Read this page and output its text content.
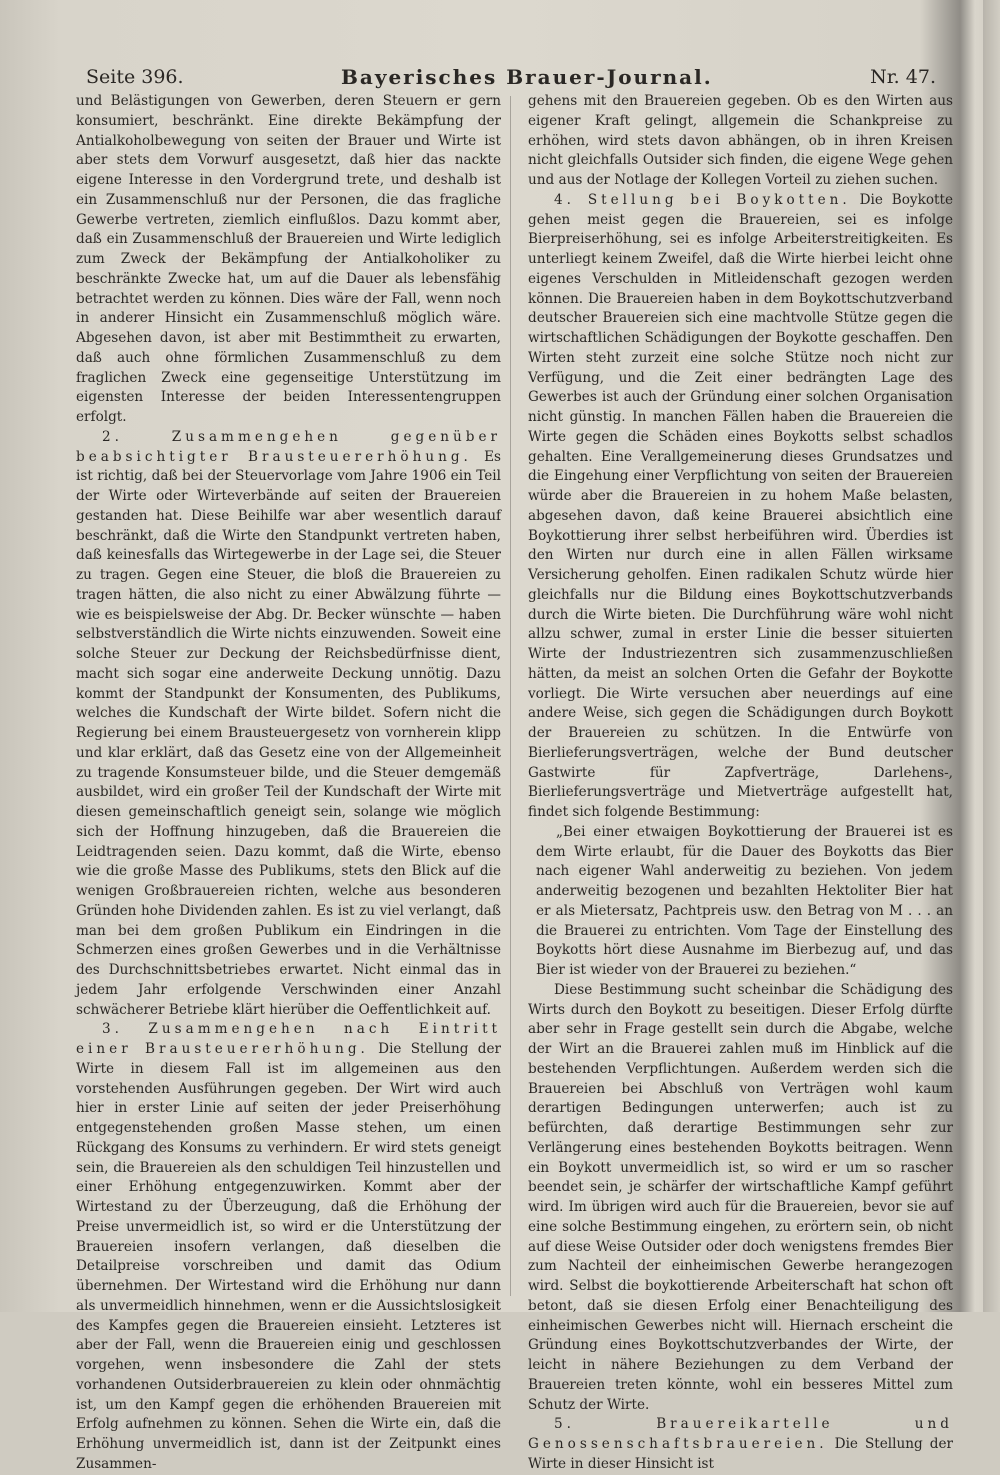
Seite 396.	Bayerisches Brauer-Journal.	Nr. 47.

und Belästigungen von Gewerben, deren Steuern er gern konsumiert, beschränkt. Eine direkte Bekämpfung der Antialkoholbewegung von seiten der Brauer und Wirte ist aber stets dem Vorwurf ausgesetzt, daß hier das nackte eigene Interesse in den Vordergrund trete, und deshalb ist ein Zusammenschluß nur der Personen, die das fragliche Gewerbe vertreten, ziemlich einflußlos. Dazu kommt aber, daß ein Zusammenschluß der Brauereien und Wirte lediglich zum Zweck der Bekämpfung der Antialkoholiker zu beschränkte Zwecke hat, um auf die Dauer als lebensfähig betrachtet werden zu können. Dies wäre der Fall, wenn noch in anderer Hinsicht ein Zusammenschluß möglich wäre. Abgesehen davon, ist aber mit Bestimmtheit zu erwarten, daß auch ohne förmlichen Zusammenschluß zu dem fraglichen Zweck eine gegenseitige Unterstützung im eigensten Interesse der beiden Interessentengruppen erfolgt.

2. Zusammengehen gegenüber beabsichtigter Brausteuererhöhung. Es ist richtig, daß bei der Steuervorlage vom Jahre 1906 ein Teil der Wirte oder Wirteverbände auf seiten der Brauereien gestanden hat. Diese Beihilfe war aber wesentlich darauf beschränkt, daß die Wirte den Standpunkt vertreten haben, daß keinesfalls das Wirtegewerbe in der Lage sei, die Steuer zu tragen. Gegen eine Steuer, die bloß die Brauereien zu tragen hätten, die also nicht zu einer Abwälzung führte — wie es beispielsweise der Abg. Dr. Becker wünschte — haben selbstverständlich die Wirte nichts einzuwenden. Soweit eine solche Steuer zur Deckung der Reichsbedürfnisse dient, macht sich sogar eine anderweite Deckung unnötig. Dazu kommt der Standpunkt der Konsumenten, des Publikums, welches die Kundschaft der Wirte bildet. Sofern nicht die Regierung bei einem Brausteuergesetz von vornherein klipp und klar erklärt, daß das Gesetz eine von der Allgemeinheit zu tragende Konsumsteuer bilde, und die Steuer demgemäß ausbildet, wird ein großer Teil der Kundschaft der Wirte mit diesen gemeinschaftlich geneigt sein, solange wie möglich sich der Hoffnung hinzugeben, daß die Brauereien die Leidtragenden seien. Dazu kommt, daß die Wirte, ebenso wie die große Masse des Publikums, stets den Blick auf die wenigen Großbrauereien richten, welche aus besonderen Gründen hohe Dividenden zahlen. Es ist zu viel verlangt, daß man bei dem großen Publikum ein Eindringen in die Schmerzen eines großen Gewerbes und in die Verhältnisse des Durchschnittsbetriebes erwartet. Nicht einmal das in jedem Jahr erfolgende Verschwinden einer Anzahl schwächerer Betriebe klärt hierüber die Oeffentlichkeit auf.

3. Zusammengehen nach Eintritt einer Brausteuererhöhung. Die Stellung der Wirte in diesem Fall ist im allgemeinen aus den vorstehenden Ausführungen gegeben. Der Wirt wird auch hier in erster Linie auf seiten der jeder Preiserhöhung entgegenstehenden großen Masse stehen, um einen Rückgang des Konsums zu verhindern. Er wird stets geneigt sein, die Brauereien als den schuldigen Teil hinzustellen und einer Erhöhung entgegenzuwirken. Kommt aber der Wirtestand zu der Überzeugung, daß die Erhöhung der Preise unvermeidlich ist, so wird er die Unterstützung der Brauereien insofern verlangen, daß dieselben die Detailpreise vorschreiben und damit das Odium übernehmen. Der Wirtestand wird die Erhöhung nur dann als unvermeidlich hinnehmen, wenn er die Aussichtslosigkeit des Kampfes gegen die Brauereien einsieht. Letzteres ist aber der Fall, wenn die Brauereien einig und geschlossen vorgehen, wenn insbesondere die Zahl der stets vorhandenen Outsiderbrauereien zu klein oder ohnmächtig ist, um den Kampf gegen die erhöhenden Brauereien mit Erfolg aufnehmen zu können. Sehen die Wirte ein, daß die Erhöhung unvermeidlich ist, dann ist der Zeitpunkt eines Zusammen-

gehens mit den Brauereien gegeben. Ob es den Wirten aus eigener Kraft gelingt, allgemein die Schankpreise zu erhöhen, wird stets davon abhängen, ob in ihren Kreisen nicht gleichfalls Outsider sich finden, die eigene Wege gehen und aus der Notlage der Kollegen Vorteil zu ziehen suchen.

4. Stellung bei Boykotten. Die Boykotte gehen meist gegen die Brauereien, sei es infolge Bierpreiserhöhung, sei es infolge Arbeiterstreitigkeiten. Es unterliegt keinem Zweifel, daß die Wirte hierbei leicht ohne eigenes Verschulden in Mitleidenschaft gezogen werden können. Die Brauereien haben in dem Boykottschutzverband deutscher Brauereien sich eine machtvolle Stütze gegen die wirtschaftlichen Schädigungen der Boykotte geschaffen. Den Wirten steht zurzeit eine solche Stütze noch nicht zur Verfügung, und die Zeit einer bedrängten Lage des Gewerbes ist auch der Gründung einer solchen Organisation nicht günstig. In manchen Fällen haben die Brauereien die Wirte gegen die Schäden eines Boykotts selbst schadlos gehalten. Eine Verallgemeinerung dieses Grundsatzes und die Eingehung einer Verpflichtung von seiten der Brauereien würde aber die Brauereien in zu hohem Maße belasten, abgesehen davon, daß keine Brauerei absichtlich eine Boykottierung ihrer selbst herbeiführen wird. Überdies ist den Wirten nur durch eine in allen Fällen wirksame Versicherung geholfen. Einen radikalen Schutz würde hier gleichfalls nur die Bildung eines Boykottschutzverbands durch die Wirte bieten. Die Durchführung wäre wohl nicht allzu schwer, zumal in erster Linie die besser situierten Wirte der Industriezentren sich zusammenzuschließen hätten, da meist an solchen Orten die Gefahr der Boykotte vorliegt. Die Wirte versuchen aber neuerdings auf eine andere Weise, sich gegen die Schädigungen durch Boykott der Brauereien zu schützen. In die Entwürfe von Bierlieferungsverträgen, welche der Bund deutscher Gastwirte für Zapfverträge, Darlehens-, Bierlieferungsverträge und Mietverträge aufgestellt hat, findet sich folgende Bestimmung:

„Bei einer etwaigen Boykottierung der Brauerei ist es dem Wirte erlaubt, für die Dauer des Boykotts das Bier nach eigener Wahl anderweitig zu beziehen. Von jedem anderweitig bezogenen und bezahlten Hektoliter Bier hat er als Mietersatz, Pachtpreis usw. den Betrag von M . . . an die Brauerei zu entrichten. Vom Tage der Einstellung des Boykotts hört diese Ausnahme im Bierbezug auf, und das Bier ist wieder von der Brauerei zu beziehen.“

Diese Bestimmung sucht scheinbar die Schädigung des Wirts durch den Boykott zu beseitigen. Dieser Erfolg dürfte aber sehr in Frage gestellt sein durch die Abgabe, welche der Wirt an die Brauerei zahlen muß im Hinblick auf die bestehenden Verpflichtungen. Außerdem werden sich die Brauereien bei Abschluß von Verträgen wohl kaum derartigen Bedingungen unterwerfen; auch ist zu befürchten, daß derartige Bestimmungen sehr zur Verlängerung eines bestehenden Boykotts beitragen. Wenn ein Boykott unvermeidlich ist, so wird er um so rascher beendet sein, je schärfer der wirtschaftliche Kampf geführt wird. Im übrigen wird auch für die Brauereien, bevor sie auf eine solche Bestimmung eingehen, zu erörtern sein, ob nicht auf diese Weise Outsider oder doch wenigstens fremdes Bier zum Nachteil der einheimischen Gewerbe herangezogen wird. Selbst die boykottierende Arbeiterschaft hat schon oft betont, daß sie diesen Erfolg einer Benachteiligung des einheimischen Gewerbes nicht will. Hiernach erscheint die Gründung eines Boykottschutzverbandes der Wirte, der leicht in nähere Beziehungen zu dem Verband der Brauereien treten könnte, wohl ein besseres Mittel zum Schutz der Wirte.

5. Brauereikartelle und Genossenschaftsbrauereien. Die Stellung der Wirte in dieser Hinsicht ist
